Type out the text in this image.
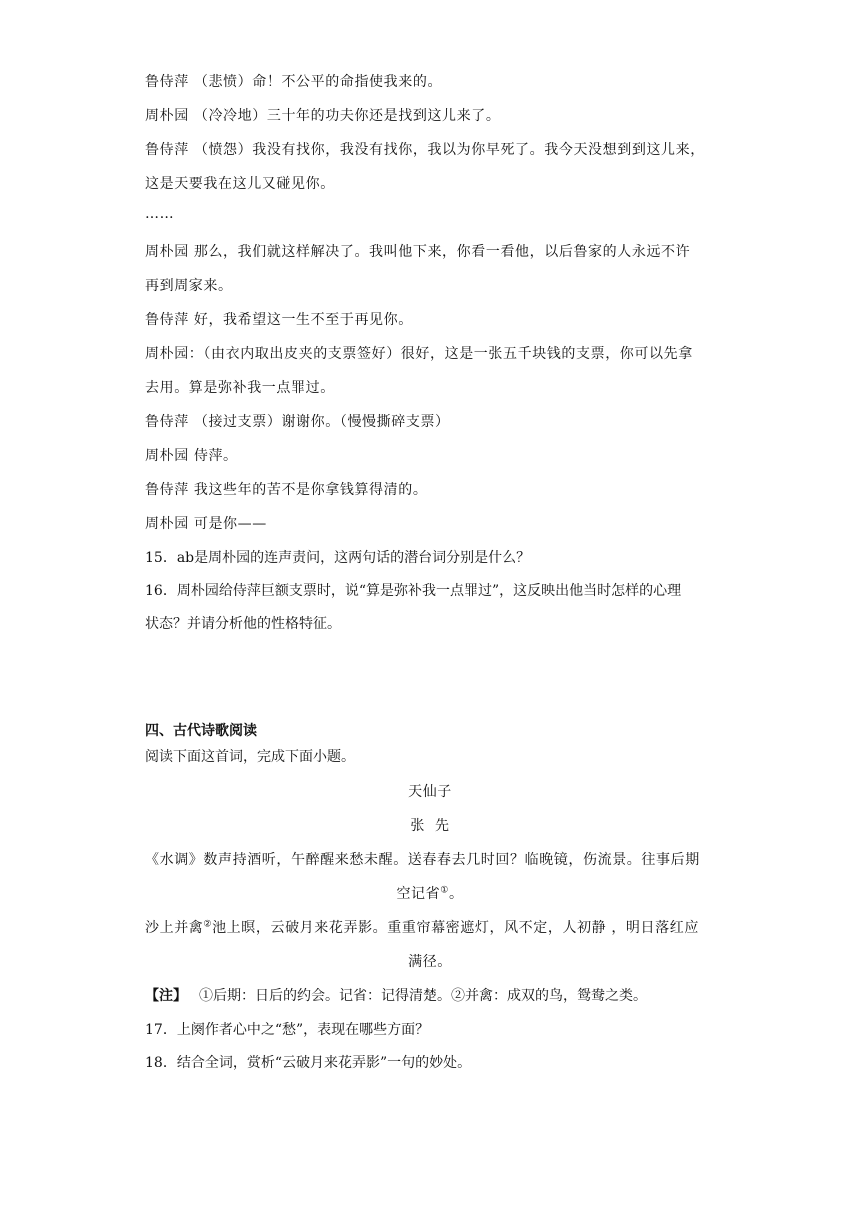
鲁侍萍 （悲愤）命！不公平的命指使我来的。
周朴园 （冷冷地）三十年的功夫你还是找到这儿来了。
鲁侍萍 （愤怨）我没有找你，我没有找你，我以为你早死了。我今天没想到到这儿来，
这是天要我在这儿又碰见你。
……
周朴园 那么，我们就这样解决了。我叫他下来，你看一看他，以后鲁家的人永远不许
再到周家来。
鲁侍萍 好，我希望这一生不至于再见你。
周朴园：（由衣内取出皮夹的支票签好）很好，这是一张五千块钱的支票，你可以先拿
去用。算是弥补我一点罪过。
鲁侍萍 （接过支票）谢谢你。（慢慢撕碎支票）
周朴园 侍萍。
鲁侍萍 我这些年的苦不是你拿钱算得清的。
周朴园 可是你——
15．ab是周朴园的连声责问，这两句话的潜台词分别是什么？
16．周朴园给侍萍巨额支票时，说“算是弥补我一点罪过”，这反映出他当时怎样的心理
状态？并请分析他的性格特征。
四、古代诗歌阅读
阅读下面这首词，完成下面小题。
天仙子
张  先
《水调》数声持酒听，午醉醒来愁未醒。送春春去几时回？临晚镜，伤流景。往事后期
空记省①。
沙上并禽②池上暝，云破月来花弄影。重重帘幕密遮灯，风不定，人初静 ，明日落红应
满径。
【注】 ①后期：日后的约会。记省：记得清楚。②并禽：成双的鸟，鸳鸯之类。
17．上阕作者心中之“愁”，表现在哪些方面？
18．结合全词，赏析“云破月来花弄影”一句的妙处。
